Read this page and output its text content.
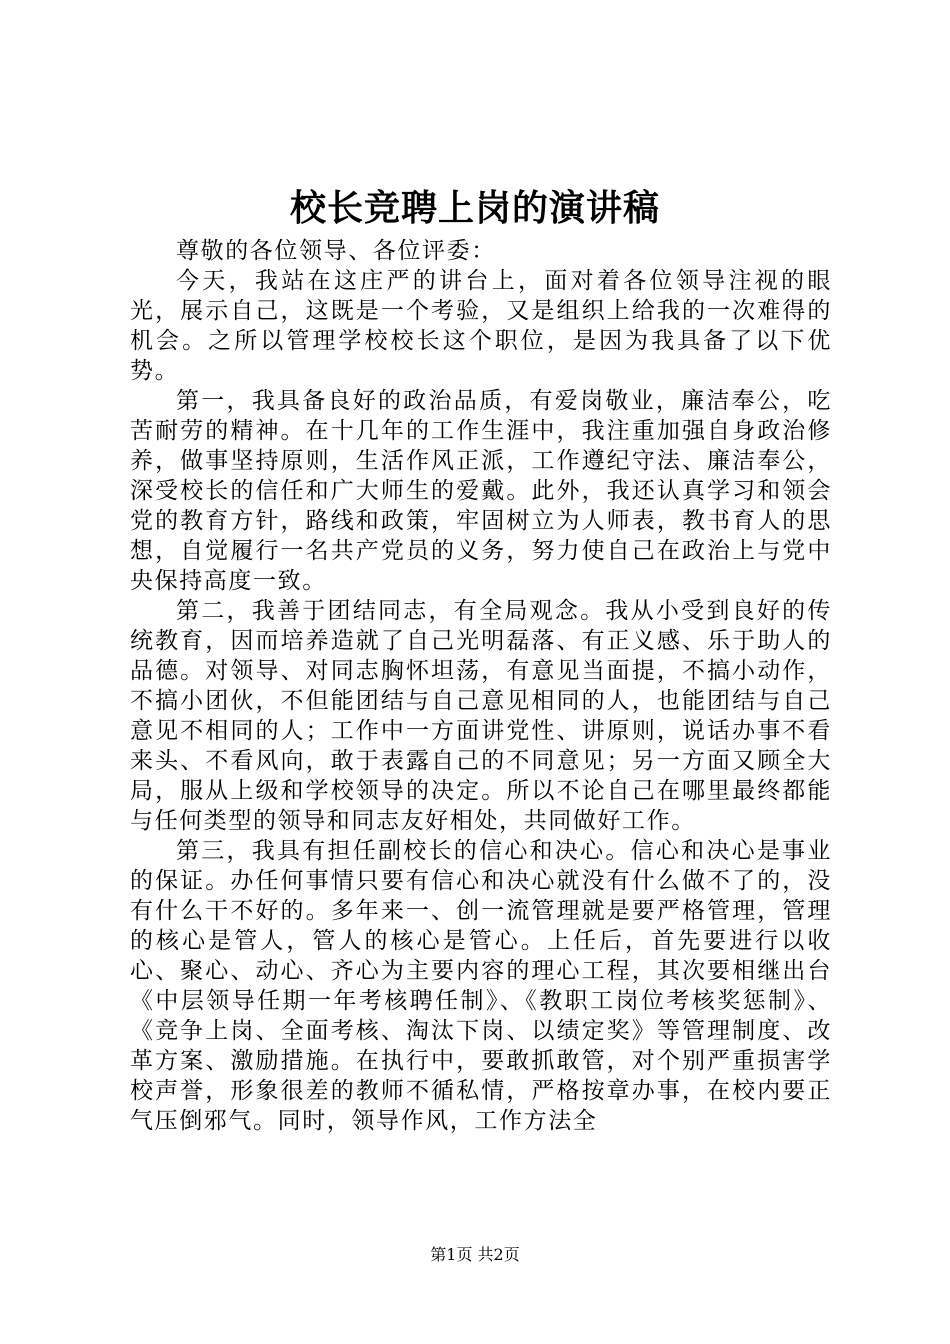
校长竞聘上岗的演讲稿

尊敬的各位领导、各位评委：

今天，我站在这庄严的讲台上，面对着各位领导注视的眼光，展示自己，这既是一个考验，又是组织上给我的一次难得的机会。之所以管理学校校长这个职位，是因为我具备了以下优势。

第一，我具备良好的政治品质，有爱岗敬业，廉洁奉公，吃苦耐劳的精神。在十几年的工作生涯中，我注重加强自身政治修养，做事坚持原则，生活作风正派，工作遵纪守法、廉洁奉公，深受校长的信任和广大师生的爱戴。此外，我还认真学习和领会党的教育方针，路线和政策，牢固树立为人师表，教书育人的思想，自觉履行一名共产党员的义务，努力使自己在政治上与党中央保持高度一致。

第二，我善于团结同志，有全局观念。我从小受到良好的传统教育，因而培养造就了自己光明磊落、有正义感、乐于助人的品德。对领导、对同志胸怀坦荡，有意见当面提，不搞小动作，不搞小团伙，不但能团结与自己意见相同的人，也能团结与自己意见不相同的人；工作中一方面讲党性、讲原则，说话办事不看来头、不看风向，敢于表露自己的不同意见；另一方面又顾全大局，服从上级和学校领导的决定。所以不论自己在哪里最终都能与任何类型的领导和同志友好相处，共同做好工作。

第三，我具有担任副校长的信心和决心。信心和决心是事业的保证。办任何事情只要有信心和决心就没有什么做不了的，没有什么干不好的。多年来一、创一流管理就是要严格管理，管理的核心是管人，管人的核心是管心。上任后，首先要进行以收心、聚心、动心、齐心为主要内容的理心工程，其次要相继出台《中层领导任期一年考核聘任制》、《教职工岗位考核奖惩制》、《竞争上岗、全面考核、淘汰下岗、以绩定奖》等管理制度、改革方案、激励措施。在执行中，要敢抓敢管，对个别严重损害学校声誉，形象很差的教师不循私情，严格按章办事，在校内要正气压倒邪气。同时，领导作风，工作方法全

第1页 共2页
